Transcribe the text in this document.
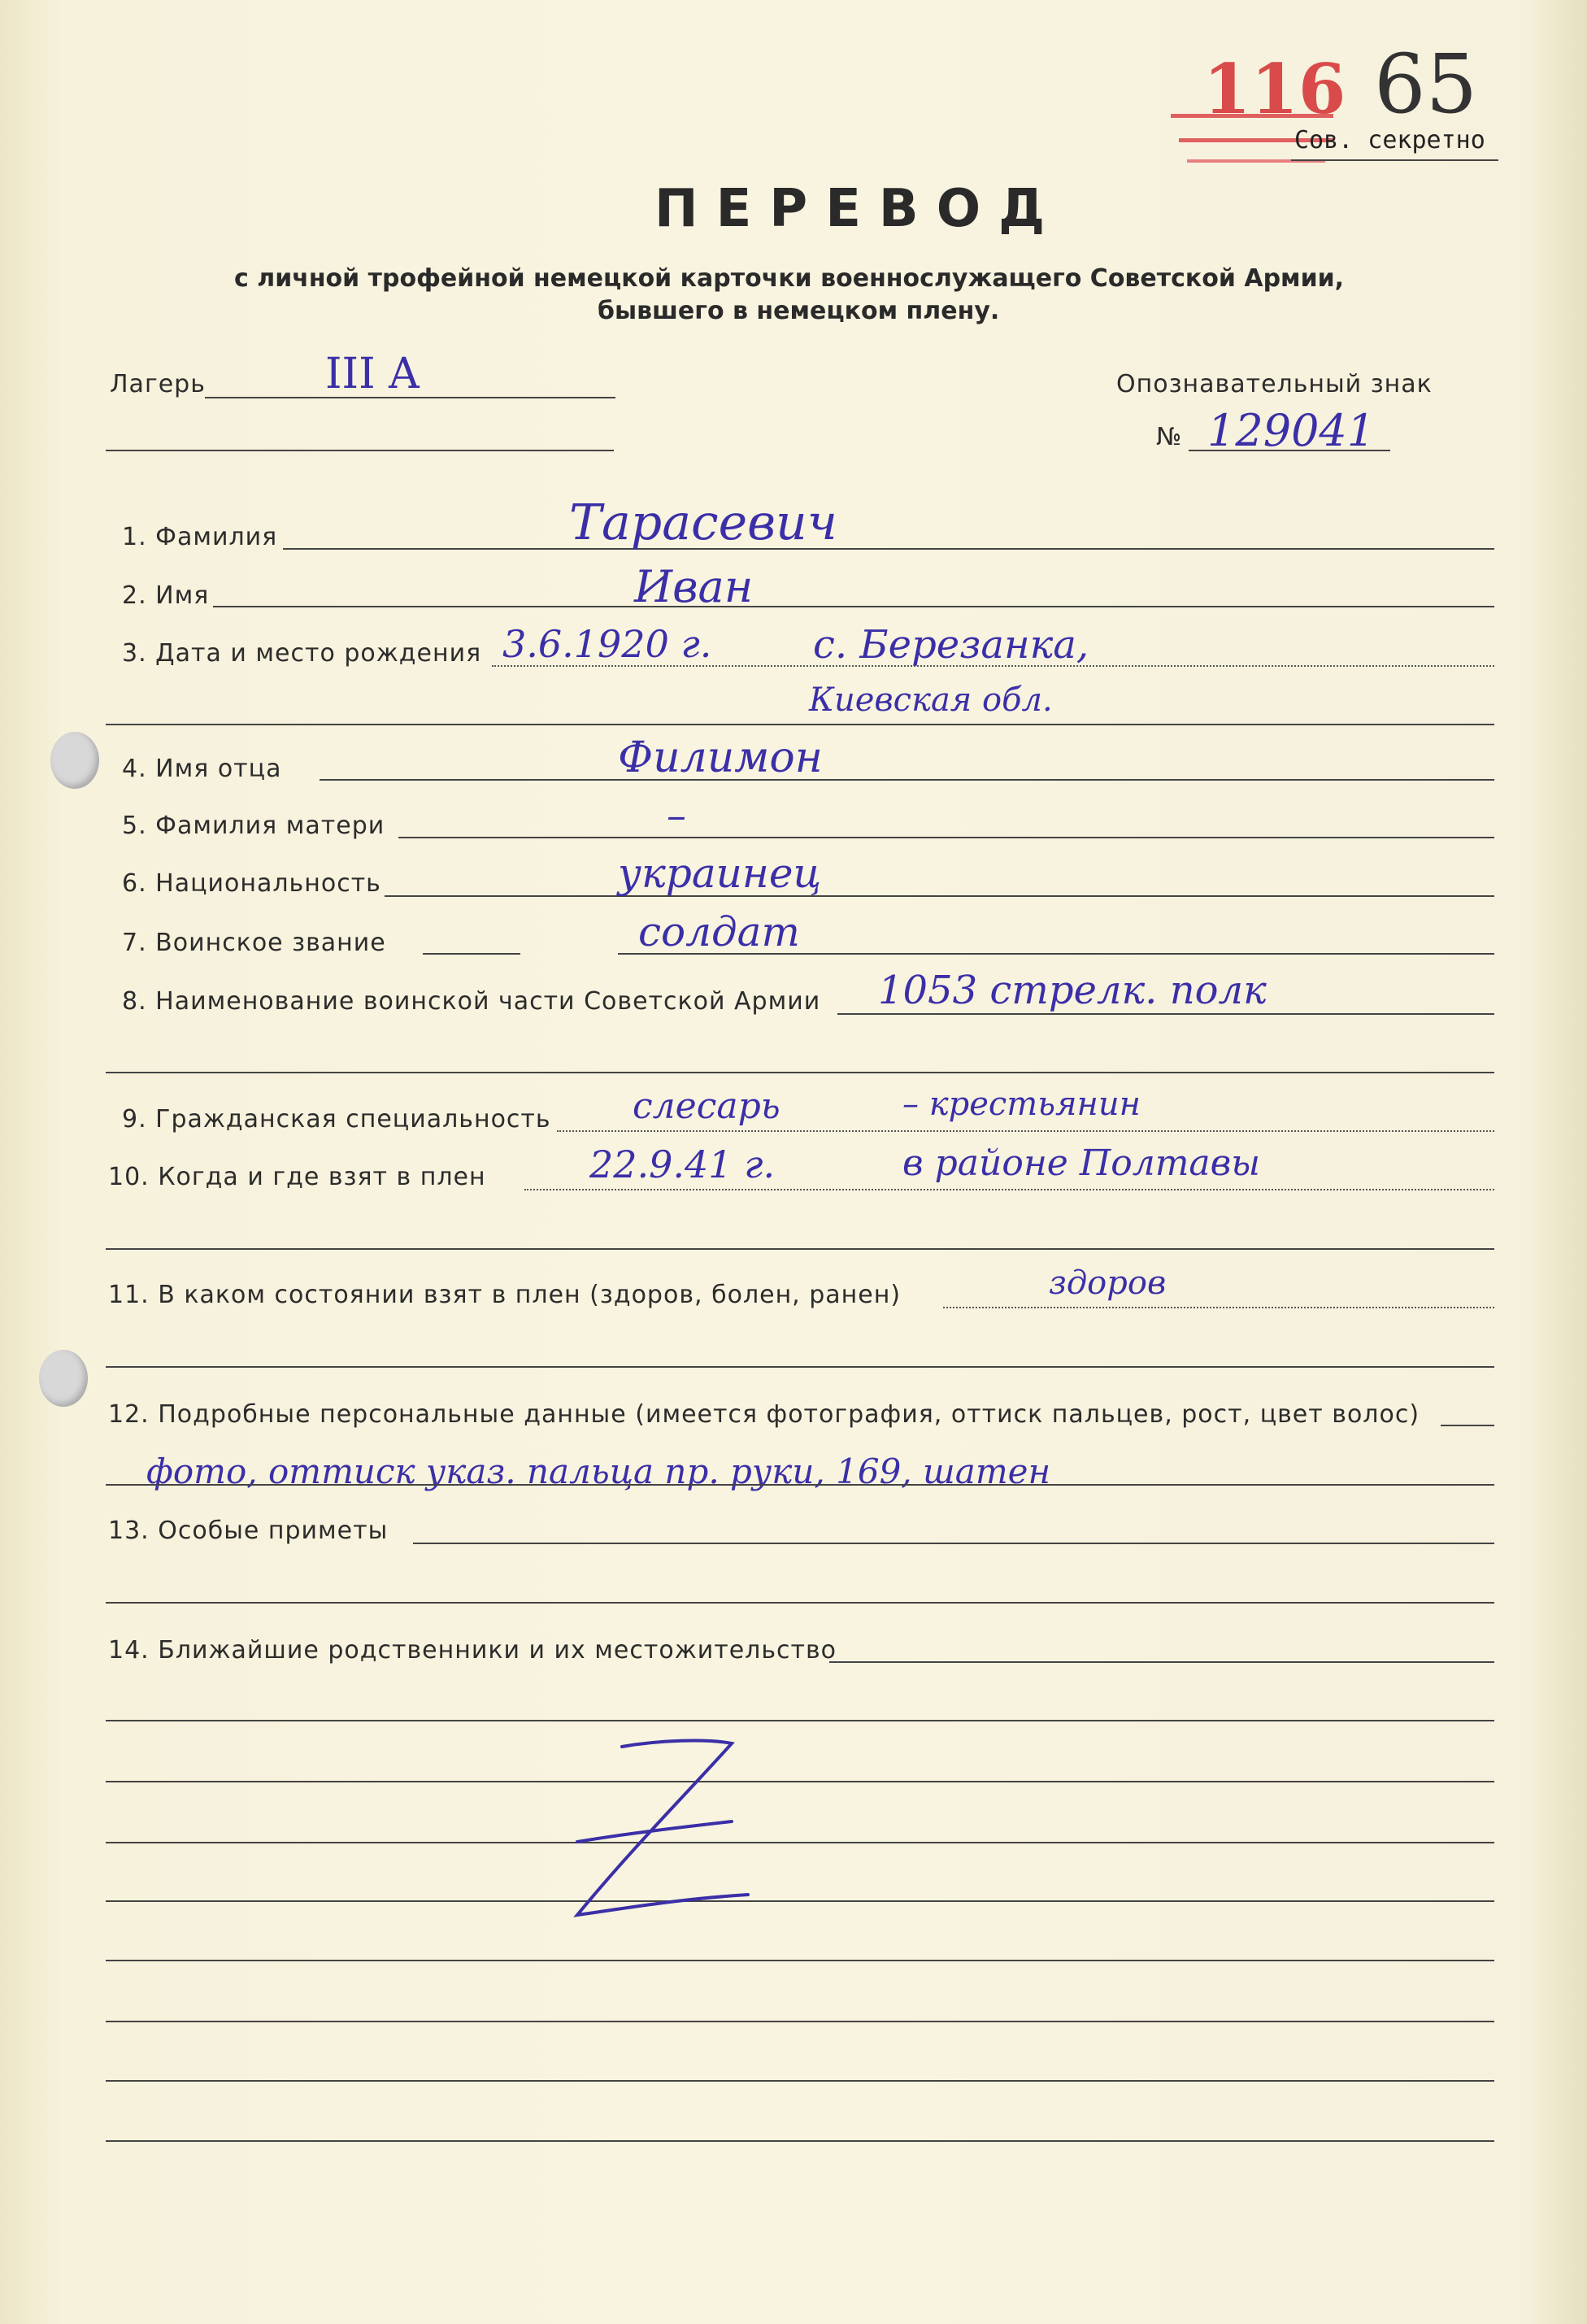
116 65
Сов. секретно
ПЕРЕВОД
с личной трофейной немецкой карточки военнослужащего Советской Армии,
бывшего в немецком плену.
Лагерь	III A	Опознавательный знак
№ 129041
1. Фамилия	Тарасевич
2. Имя	Иван
3. Дата и место рождения 3.6.1920 г.	с. Березанка,
Киевская обл.
4. Имя отца	Филимон
5. Фамилия матери	–
6. Национальность	украинец
7. Воинское звание	солдат
8. Наименование воинской части Советской Армии 1053 стрелк. полк
9. Гражданская специальность слесарь	– крестьянин
10. Когда и где взят в плен	22.9.41 г.	в районе Полтавы
11. В каком состоянии взят в плен (здоров, болен, ранен)	здоров
12. Подробные персональные данные (имеется фотография, оттиск пальцев, рост, цвет волос)
фото, оттиск указ. пальца пр. руки, 169, шатен
13. Особые приметы
14. Ближайшие родственники и их местожительство
